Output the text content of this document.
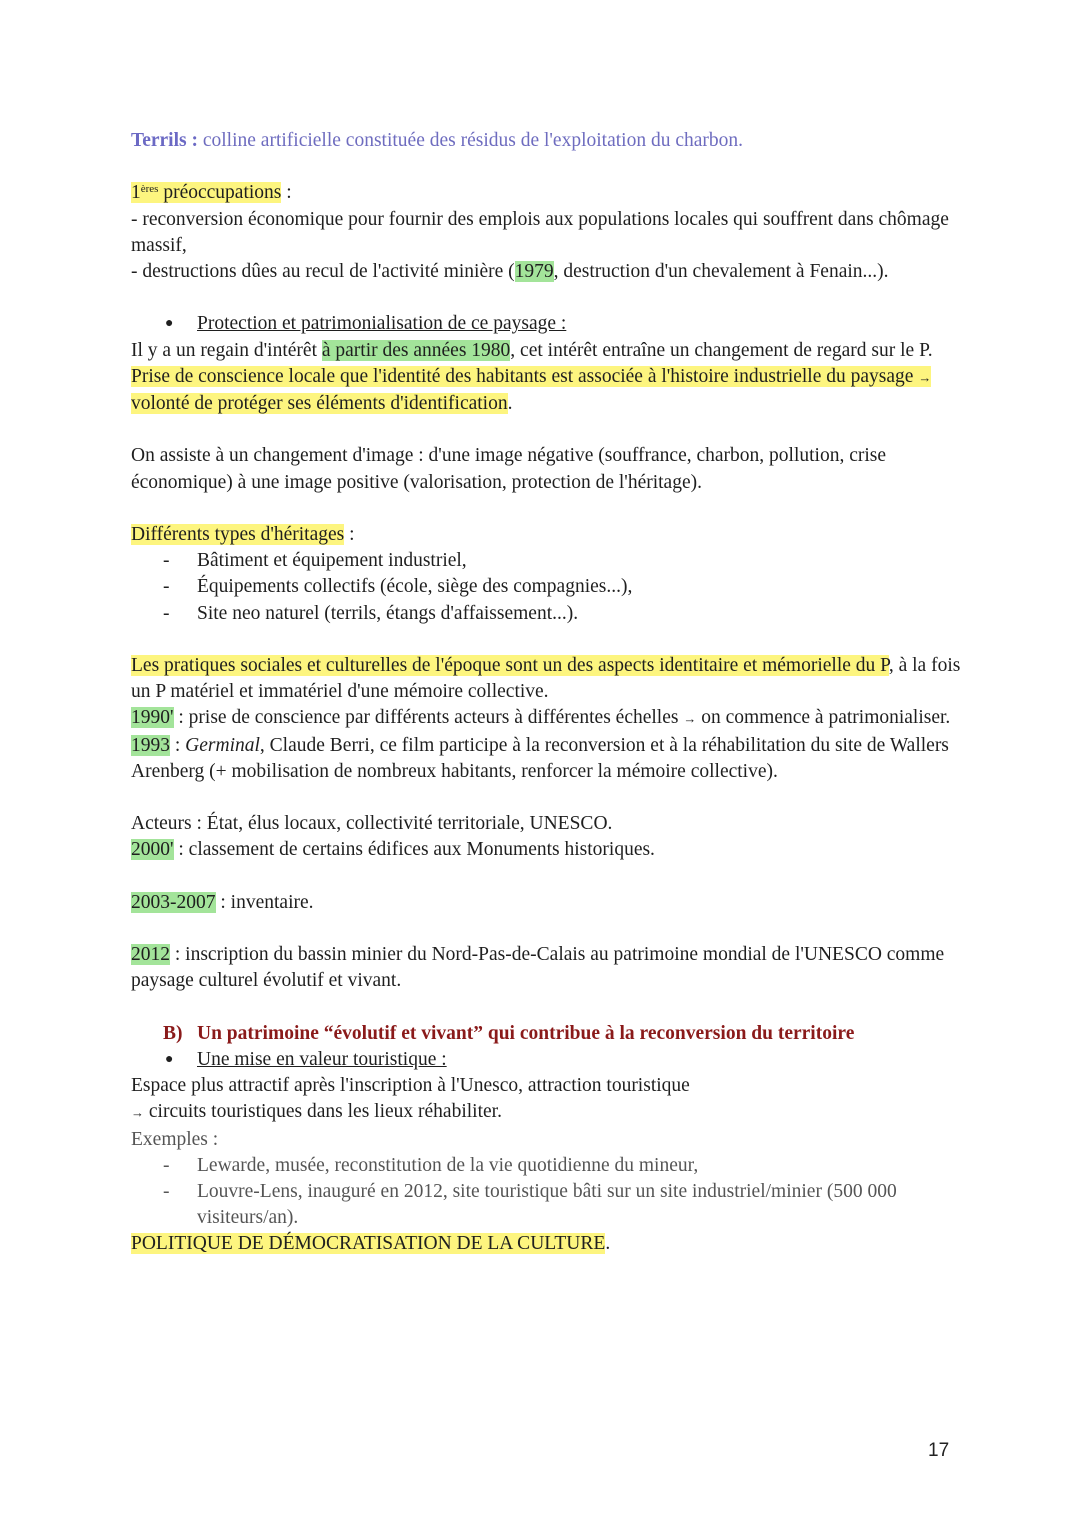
Terrils : colline artificielle constituée des résidus de l'exploitation du charbon.

1ères préoccupations :

- reconversion économique pour fournir des emplois aux populations locales qui souffrent dans chômage massif,

- destructions dûes au recul de l'activité minière (1979, destruction d'un chevalement à Fenain...).

● Protection et patrimonialisation de ce paysage :

Il y a un regain d'intérêt à partir des années 1980, cet intérêt entraîne un changement de regard sur le P.

Prise de conscience locale que l'identité des habitants est associée à l'histoire industrielle du paysage → volonté de protéger ses éléments d'identification.

On assiste à un changement d'image : d'une image négative (souffrance, charbon, pollution, crise économique) à une image positive (valorisation, protection de l'héritage).

Différents types d'héritages :

- Bâtiment et équipement industriel,
- Équipements collectifs (école, siège des compagnies...),
- Site neo naturel (terrils, étangs d'affaissement...).

Les pratiques sociales et culturelles de l'époque sont un des aspects identitaire et mémorielle du P, à la fois un P matériel et immatériel d'une mémoire collective.

1990' : prise de conscience par différents acteurs à différentes échelles → on commence à patrimonialiser.

1993 : Germinal, Claude Berri, ce film participe à la reconversion et à la réhabilitation du site de Wallers Arenberg (+ mobilisation de nombreux habitants, renforcer la mémoire collective).

Acteurs : État, élus locaux, collectivité territoriale, UNESCO.

2000' : classement de certains édifices aux Monuments historiques.

2003-2007 : inventaire.

2012 : inscription du bassin minier du Nord-Pas-de-Calais au patrimoine mondial de l'UNESCO comme paysage culturel évolutif et vivant.

B) Un patrimoine “évolutif et vivant” qui contribue à la reconversion du territoire
● Une mise en valeur touristique :

Espace plus attractif après l'inscription à l'Unesco, attraction touristique

→ circuits touristiques dans les lieux réhabiliter.

Exemples :

- Lewarde, musée, reconstitution de la vie quotidienne du mineur,
- Louvre-Lens, inauguré en 2012, site touristique bâti sur un site industriel/minier (500 000 visiteurs/an).

POLITIQUE DE DÉMOCRATISATION DE LA CULTURE.

17
